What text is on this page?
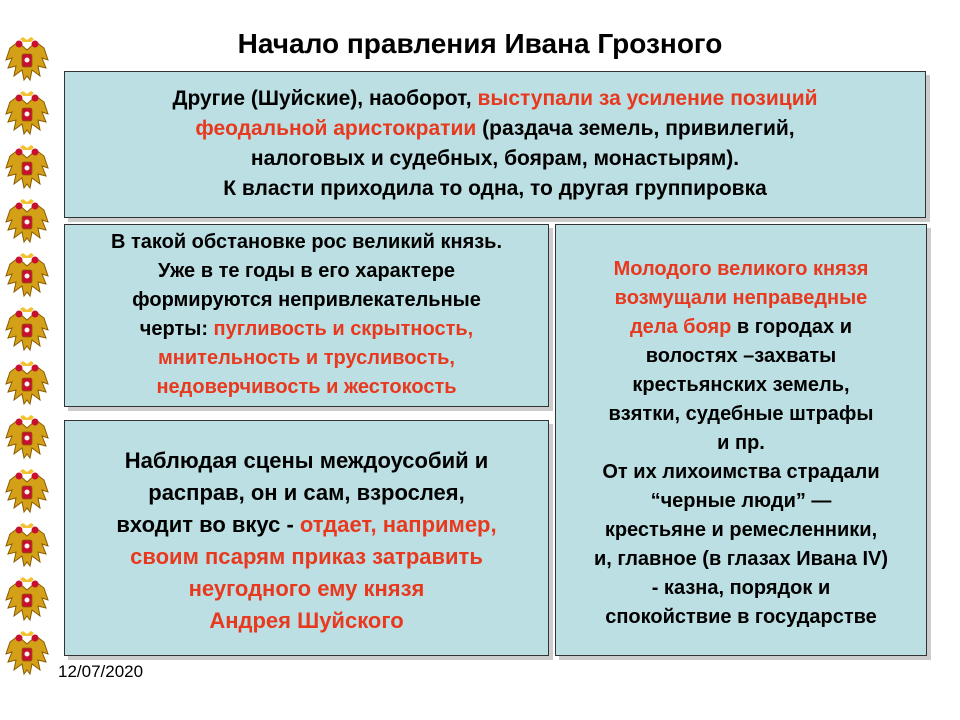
Начало правления Ивана Грозного
Другие (Шуйские), наоборот, выступали за усиление позиций
феодальной аристократии (раздача земель, привилегий,
налоговых и судебных, боярам, монастырям).
К власти приходила то одна, то другая группировка
В такой обстановке рос великий князь.
Уже в те годы в его характере
формируются непривлекательные
черты: пугливость и скрытность,
мнительность и трусливость,
недоверчивость и жестокость
Наблюдая сцены междоусобий и
расправ, он и сам, взрослея,
входит во вкус - отдает, например,
своим псарям приказ затравить
неугодного ему князя
Андрея Шуйского
Молодого великого князя
возмущали неправедные
дела бояр в городах и
волостях –захваты
крестьянских земель,
взятки, судебные штрафы
и пр.
От их лихоимства страдали
“черные люди” —
крестьяне и ремесленники,
и, главное (в глазах Ивана IV)
- казна, порядок и
спокойствие в государстве
12/07/2020
